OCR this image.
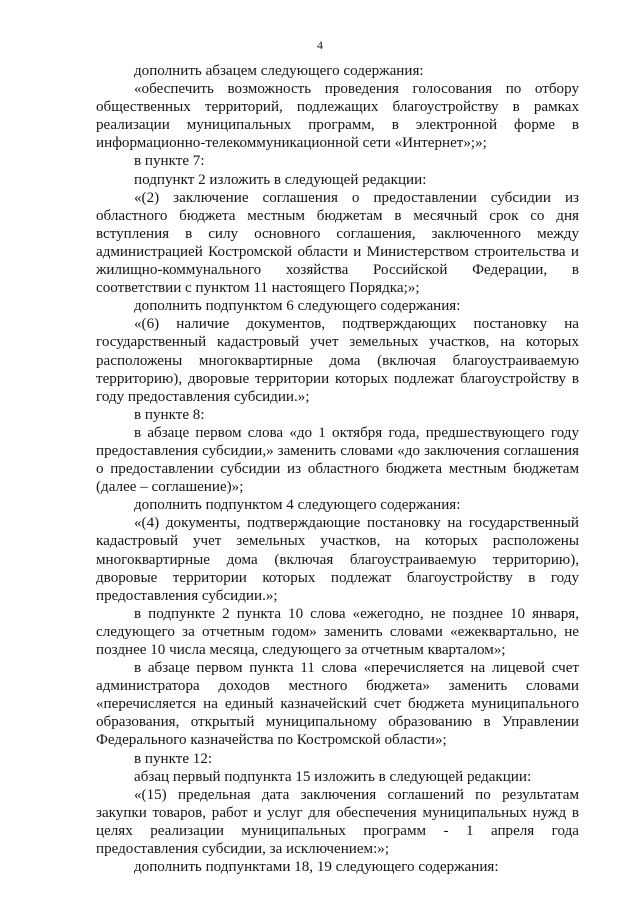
4

дополнить абзацем следующего содержания:

«обеспечить возможность проведения голосования по отбору общественных территорий, подлежащих благоустройству в рамках реализации муниципальных программ, в электронной форме в информационно-телекоммуникационной сети «Интернет»;»;

в пункте 7:

подпункт 2 изложить в следующей редакции:

«(2) заключение соглашения о предоставлении субсидии из областного бюджета местным бюджетам в месячный срок со дня вступления в силу основного соглашения, заключенного между администрацией Костромской области и Министерством строительства и жилищно-коммунального хозяйства Российской Федерации, в соответствии с пунктом 11 настоящего Порядка;»;

дополнить подпунктом 6 следующего содержания:

«(6) наличие документов, подтверждающих постановку на государственный кадастровый учет земельных участков, на которых расположены многоквартирные дома (включая благоустраиваемую территорию), дворовые территории которых подлежат благоустройству в году предоставления субсидии.»;

в пункте 8:

в абзаце первом слова «до 1 октября года, предшествующего году предоставления субсидии,» заменить словами «до заключения соглашения о предоставлении субсидии из областного бюджета местным бюджетам (далее – соглашение)»;

дополнить подпунктом 4 следующего содержания:

«(4) документы, подтверждающие постановку на государственный кадастровый учет земельных участков, на которых расположены многоквартирные дома (включая благоустраиваемую территорию), дворовые территории которых подлежат благоустройству в году предоставления субсидии.»;

в подпункте 2 пункта 10 слова «ежегодно, не позднее 10 января, следующего за отчетным годом» заменить словами «ежеквартально, не позднее 10 числа месяца, следующего за отчетным кварталом»;

в абзаце первом пункта 11 слова «перечисляется на лицевой счет администратора доходов местного бюджета» заменить словами «перечисляется на единый казначейский счет бюджета муниципального образования, открытый муниципальному образованию в Управлении Федерального казначейства по Костромской области»;

в пункте 12:

абзац первый подпункта 15 изложить в следующей редакции:

«(15) предельная дата заключения соглашений по результатам закупки товаров, работ и услуг для обеспечения муниципальных нужд в целях реализации муниципальных программ - 1 апреля года предоставления субсидии, за исключением:»;

дополнить подпунктами 18, 19 следующего содержания:
